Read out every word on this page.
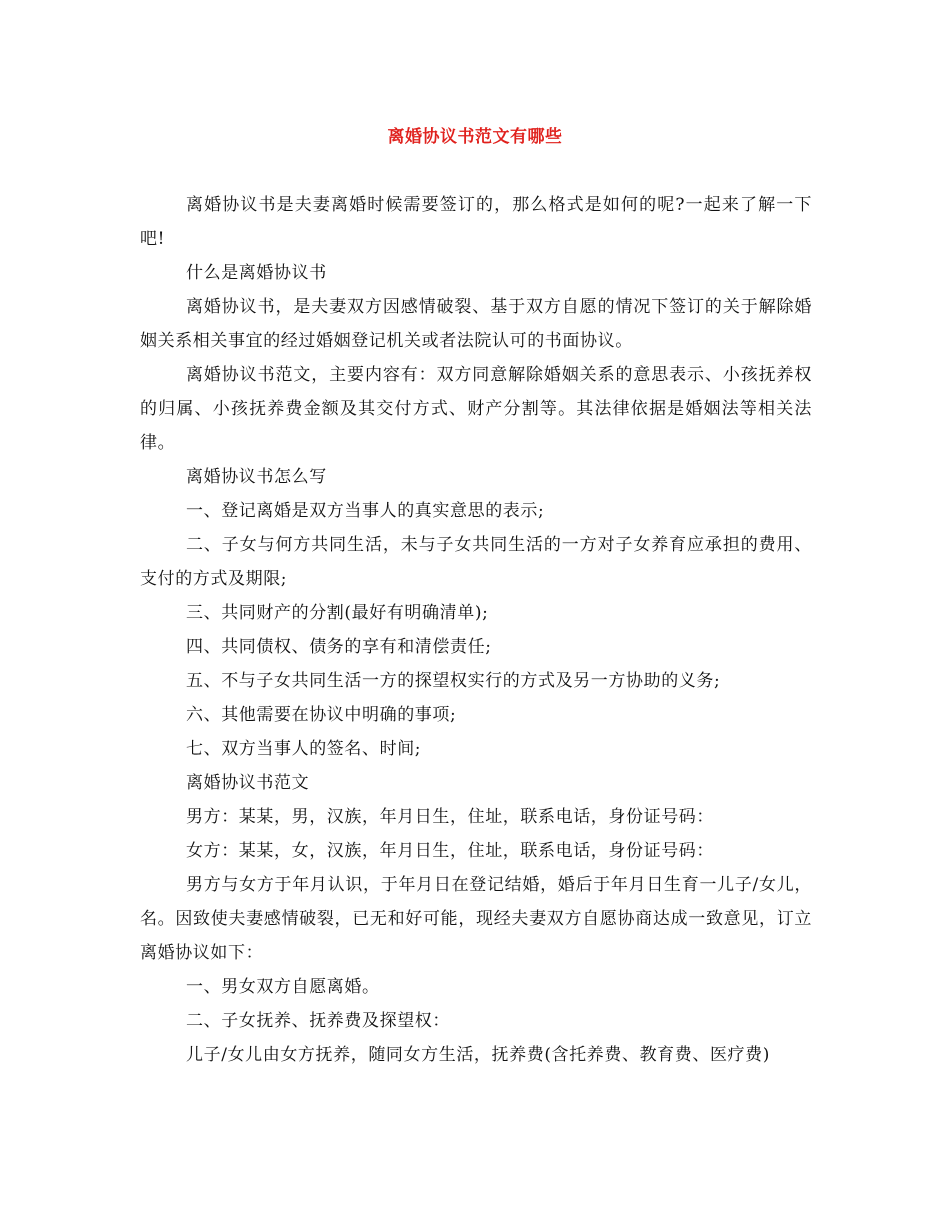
离婚协议书范文有哪些

离婚协议书是夫妻离婚时候需要签订的，那么格式是如何的呢?一起来了解一下吧!

什么是离婚协议书

离婚协议书，是夫妻双方因感情破裂、基于双方自愿的情况下签订的关于解除婚姻关系相关事宜的经过婚姻登记机关或者法院认可的书面协议。

离婚协议书范文，主要内容有：双方同意解除婚姻关系的意思表示、小孩抚养权的归属、小孩抚养费金额及其交付方式、财产分割等。其法律依据是婚姻法等相关法律。

离婚协议书怎么写

一、登记离婚是双方当事人的真实意思的表示;

二、子女与何方共同生活，未与子女共同生活的一方对子女养育应承担的费用、支付的方式及期限;

三、共同财产的分割(最好有明确清单);

四、共同债权、债务的享有和清偿责任;

五、不与子女共同生活一方的探望权实行的方式及另一方协助的义务;

六、其他需要在协议中明确的事项;

七、双方当事人的签名、时间;

离婚协议书范文

男方：某某，男，汉族，年月日生，住址，联系电话，身份证号码：

女方：某某，女，汉族，年月日生，住址，联系电话，身份证号码：

男方与女方于年月认识，于年月日在登记结婚，婚后于年月日生育一儿子/女儿，名。因致使夫妻感情破裂，已无和好可能，现经夫妻双方自愿协商达成一致意见，订立离婚协议如下：

一、男女双方自愿离婚。

二、子女抚养、抚养费及探望权：

儿子/女儿由女方抚养，随同女方生活，抚养费(含托养费、教育费、医疗费)
